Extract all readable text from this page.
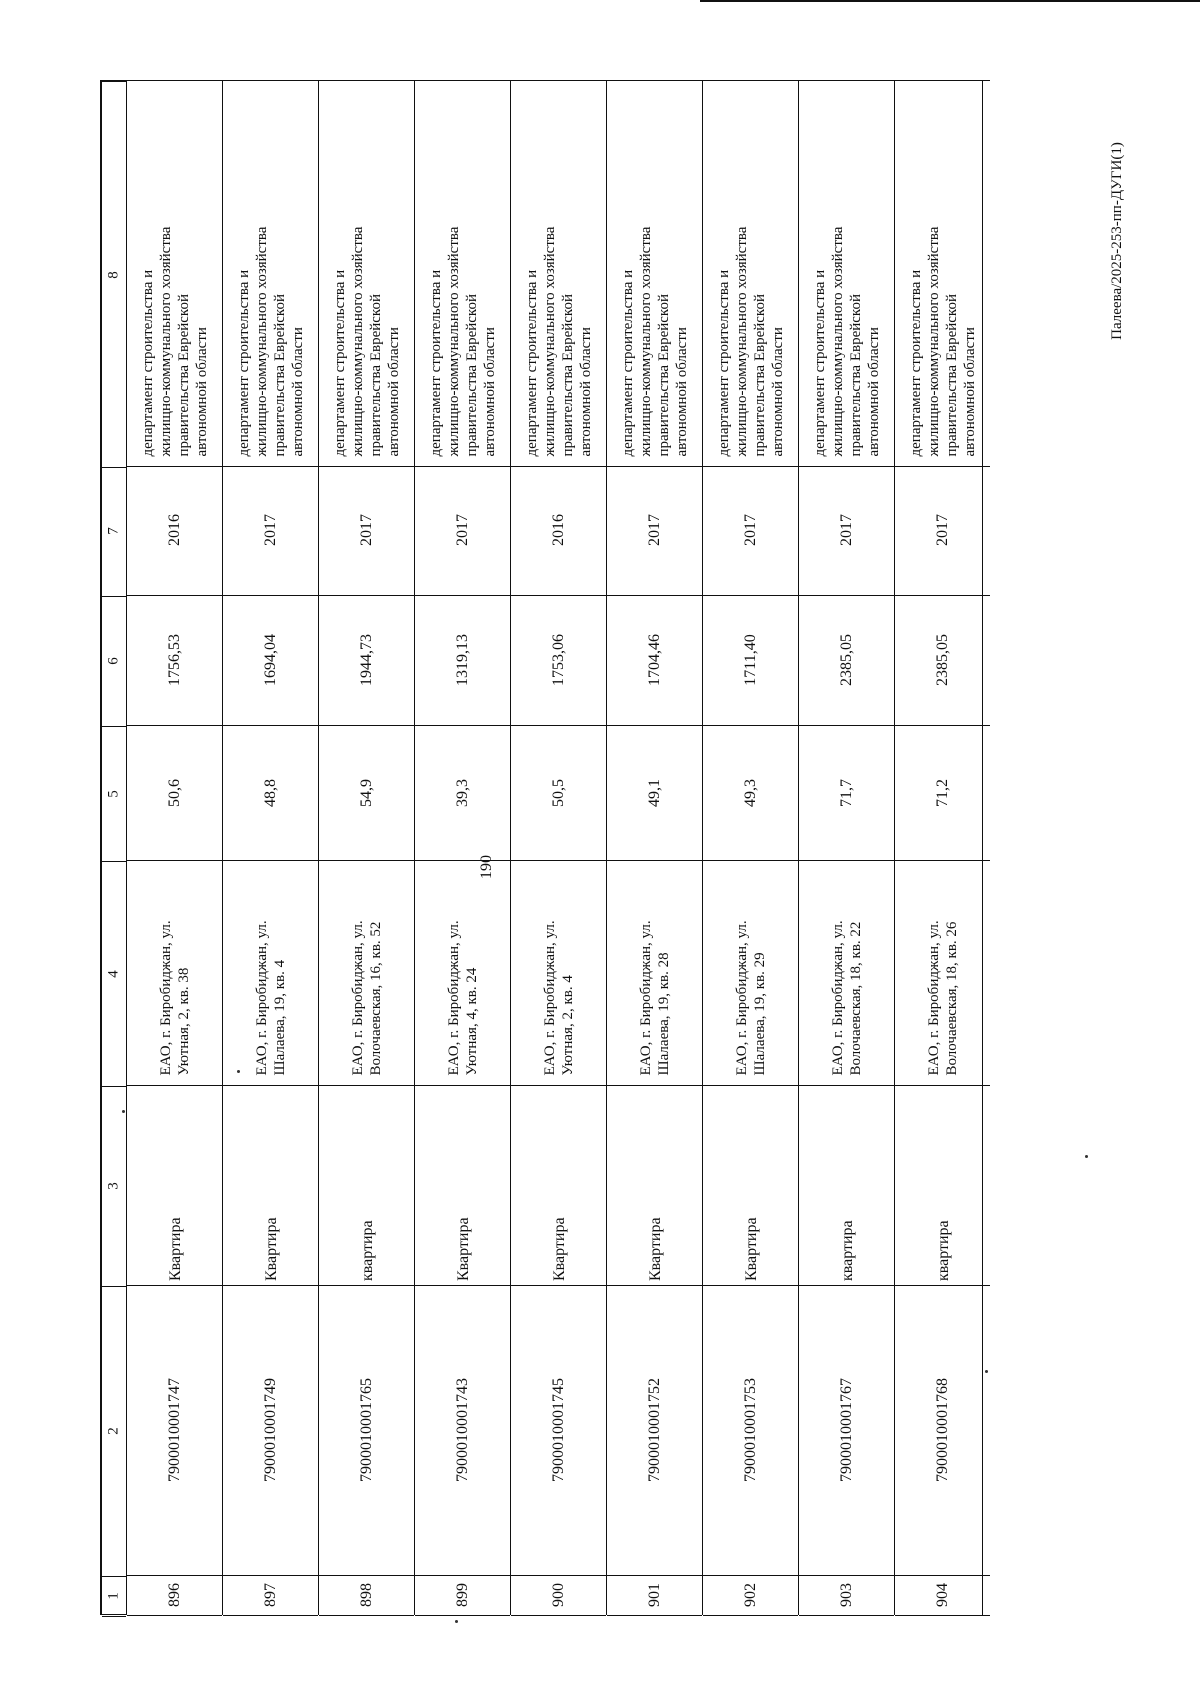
190
Палеева/2025-253-пп-ДУГИ(1)
1
2
3
4
5
6
7
8
896
7900010001747
Квартира
ЕАО, г. Биробиджан, ул. Уютная, 2, кв. 38
50,6
1756,53
2016
департамент строительства и жилищно-коммунального хозяйства правительства Еврейской автономной области
897
7900010001749
Квартира
ЕАО, г. Биробиджан, ул. Шалаева, 19, кв. 4
48,8
1694,04
2017
департамент строительства и жилищно-коммунального хозяйства правительства Еврейской автономной области
898
7900010001765
квартира
ЕАО, г. Биробиджан, ул. Волочаевская, 16, кв. 52
54,9
1944,73
2017
департамент строительства и жилищно-коммунального хозяйства правительства Еврейской автономной области
899
7900010001743
Квартира
ЕАО, г. Биробиджан, ул. Уютная, 4, кв. 24
39,3
1319,13
2017
департамент строительства и жилищно-коммунального хозяйства правительства Еврейской автономной области
900
7900010001745
Квартира
ЕАО, г. Биробиджан, ул. Уютная, 2, кв. 4
50,5
1753,06
2016
департамент строительства и жилищно-коммунального хозяйства правительства Еврейской автономной области
901
7900010001752
Квартира
ЕАО, г. Биробиджан, ул. Шалаева, 19, кв. 28
49,1
1704,46
2017
департамент строительства и жилищно-коммунального хозяйства правительства Еврейской автономной области
902
7900010001753
Квартира
ЕАО, г. Биробиджан, ул. Шалаева, 19, кв. 29
49,3
1711,40
2017
департамент строительства и жилищно-коммунального хозяйства правительства Еврейской автономной области
903
7900010001767
квартира
ЕАО, г. Биробиджан, ул. Волочаевская, 18, кв. 22
71,7
2385,05
2017
департамент строительства и жилищно-коммунального хозяйства правительства Еврейской автономной области
904
7900010001768
квартира
ЕАО, г. Биробиджан, ул. Волочаевская, 18, кв. 26
71,2
2385,05
2017
департамент строительства и жилищно-коммунального хозяйства правительства Еврейской автономной области
